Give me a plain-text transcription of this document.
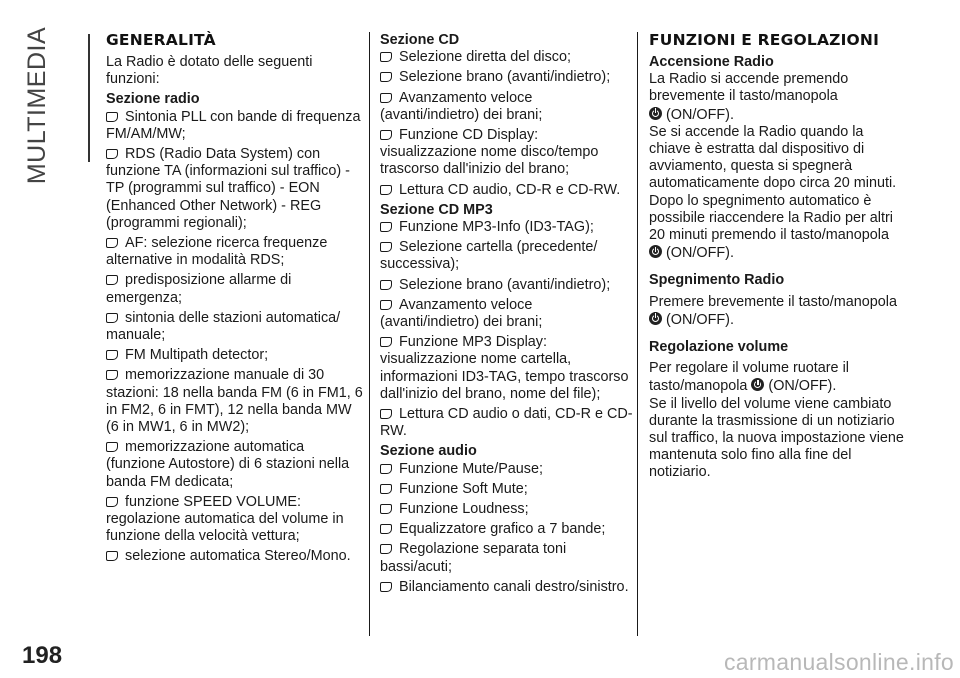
MULTIMEDIA	GENERALITÀ

La Radio è dotato delle seguenti funzioni:

Sezione radio

Sintonia PLL con bande di frequenza FM/AM/MW;
RDS (Radio Data System) con funzione TA (informazioni sul traffico) - TP (programmi sul traffico) - EON (Enhanced Other Network) - REG (programmi regionali);
AF: selezione ricerca frequenze alternative in modalità RDS;
predisposizione allarme di emergenza;
sintonia delle stazioni automatica/ manuale;
FM Multipath detector;
memorizzazione manuale di 30 stazioni: 18 nella banda FM (6 in FM1, 6 in FM2, 6 in FMT), 12 nella banda MW (6 in MW1, 6 in MW2);
memorizzazione automatica (funzione Autostore) di 6 stazioni nella banda FM dedicata;
funzione SPEED VOLUME: regolazione automatica del volume in funzione della velocità vettura;
selezione automatica Stereo/Mono.

Sezione CD

Selezione diretta del disco;
Selezione brano (avanti/indietro);
Avanzamento veloce (avanti/indietro) dei brani;
Funzione CD Display: visualizzazione nome disco/tempo trascorso dall'inizio del brano;
Lettura CD audio, CD-R e CD-RW.

Sezione CD MP3

Funzione MP3-Info (ID3-TAG);
Selezione cartella (precedente/ successiva);
Selezione brano (avanti/indietro);
Avanzamento veloce (avanti/indietro) dei brani;
Funzione MP3 Display: visualizzazione nome cartella, informazioni ID3-TAG, tempo trascorso dall'inizio del brano, nome del file);
Lettura CD audio o dati, CD-R e CD-RW.

Sezione audio

Funzione Mute/Pause;
Funzione Soft Mute;
Funzione Loudness;
Equalizzatore grafico a 7 bande;
Regolazione separata toni bassi/acuti;
Bilanciamento canali destro/sinistro.
FUNZIONI E REGOLAZIONI

Accensione Radio

La Radio si accende premendo brevemente il tasto/manopola
(ON/OFF).
Se si accende la Radio quando la chiave è estratta dal dispositivo di avviamento, questa si spegnerà automaticamente dopo circa 20 minuti. Dopo lo spegnimento automatico è possibile riaccendere la Radio per altri 20 minuti premendo il tasto/manopola
(ON/OFF).

Spegnimento Radio

Premere brevemente il tasto/manopola
(ON/OFF).

Regolazione volume

Per regolare il volume ruotare il tasto/manopola (ON/OFF).
Se il livello del volume viene cambiato durante la trasmissione di un notiziario sul traffico, la nuova impostazione viene mantenuta solo fino alla fine del notiziario.

198	carmanualsonline.info
